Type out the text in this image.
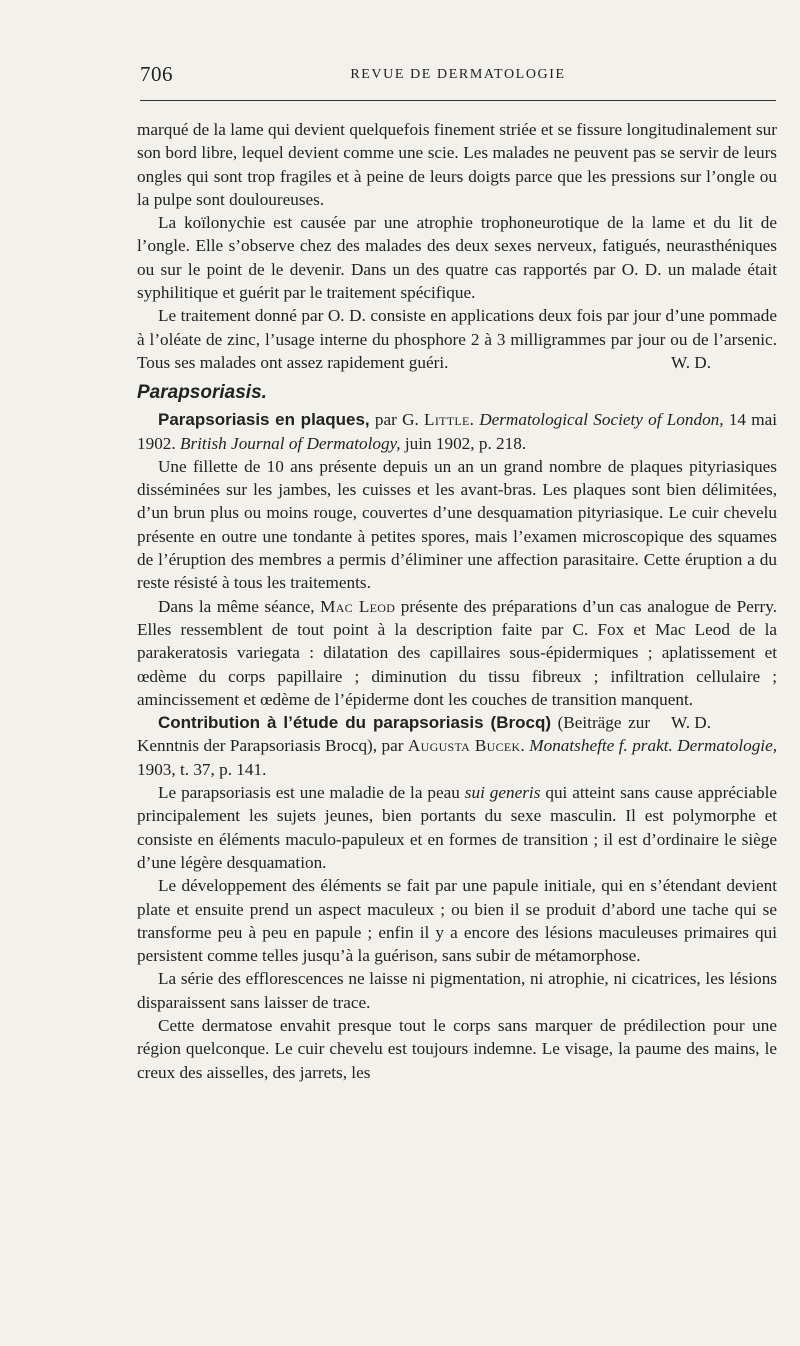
706	REVUE DE DERMATOLOGIE

marqué de la lame qui devient quelquefois finement striée et se fissure longitudinalement sur son bord libre, lequel devient comme une scie. Les malades ne peuvent pas se servir de leurs ongles qui sont trop fragiles et à peine de leurs doigts parce que les pressions sur l’ongle ou la pulpe sont douloureuses.

La koïlonychie est causée par une atrophie trophoneurotique de la lame et du lit de l’ongle. Elle s’observe chez des malades des deux sexes nerveux, fatigués, neurasthéniques ou sur le point de le devenir. Dans un des quatre cas rapportés par O. D. un malade était syphilitique et guérit par le traitement spécifique.

Le traitement donné par O. D. consiste en applications deux fois par jour d’une pommade à l’oléate de zinc, l’usage interne du phosphore 2 à 3 milligrammes par jour ou de l’arsenic. Tous ses malades ont assez rapidement guéri.	W. D.

Parapsoriasis.

Parapsoriasis en plaques, par G. Little. Dermatological Society of London, 14 mai 1902. British Journal of Dermatology, juin 1902, p. 218.

Une fillette de 10 ans présente depuis un an un grand nombre de plaques pityriasiques disséminées sur les jambes, les cuisses et les avant-bras. Les plaques sont bien délimitées, d’un brun plus ou moins rouge, couvertes d’une desquamation pityriasique. Le cuir chevelu présente en outre une tondante à petites spores, mais l’examen microscopique des squames de l’éruption des membres a permis d’éliminer une affection parasitaire. Cette éruption a du reste résisté à tous les traitements.

Dans la même séance, Mac Leod présente des préparations d’un cas analogue de Perry. Elles ressemblent de tout point à la description faite par C. Fox et Mac Leod de la parakeratosis variegata : dilatation des capillaires sous-épidermiques ; aplatissement et œdème du corps papillaire ; diminution du tissu fibreux ; infiltration cellulaire ; amincissement et œdème de l’épiderme dont les couches de transition manquent.
W. D.

Contribution à l’étude du parapsoriasis (Brocq) (Beiträge zur Kenntnis der Parapsoriasis Brocq), par Augusta Bucek. Monatshefte f. prakt. Dermatologie, 1903, t. 37, p. 141.

Le parapsoriasis est une maladie de la peau sui generis qui atteint sans cause appréciable principalement les sujets jeunes, bien portants du sexe masculin. Il est polymorphe et consiste en éléments maculo-papuleux et en formes de transition ; il est d’ordinaire le siège d’une légère desquamation.

Le développement des éléments se fait par une papule initiale, qui en s’étendant devient plate et ensuite prend un aspect maculeux ; ou bien il se produit d’abord une tache qui se transforme peu à peu en papule ; enfin il y a encore des lésions maculeuses primaires qui persistent comme telles jusqu’à la guérison, sans subir de métamorphose.

La série des efflorescences ne laisse ni pigmentation, ni atrophie, ni cicatrices, les lésions disparaissent sans laisser de trace.

Cette dermatose envahit presque tout le corps sans marquer de prédilection pour une région quelconque. Le cuir chevelu est toujours indemne. Le visage, la paume des mains, le creux des aisselles, des jarrets, les
